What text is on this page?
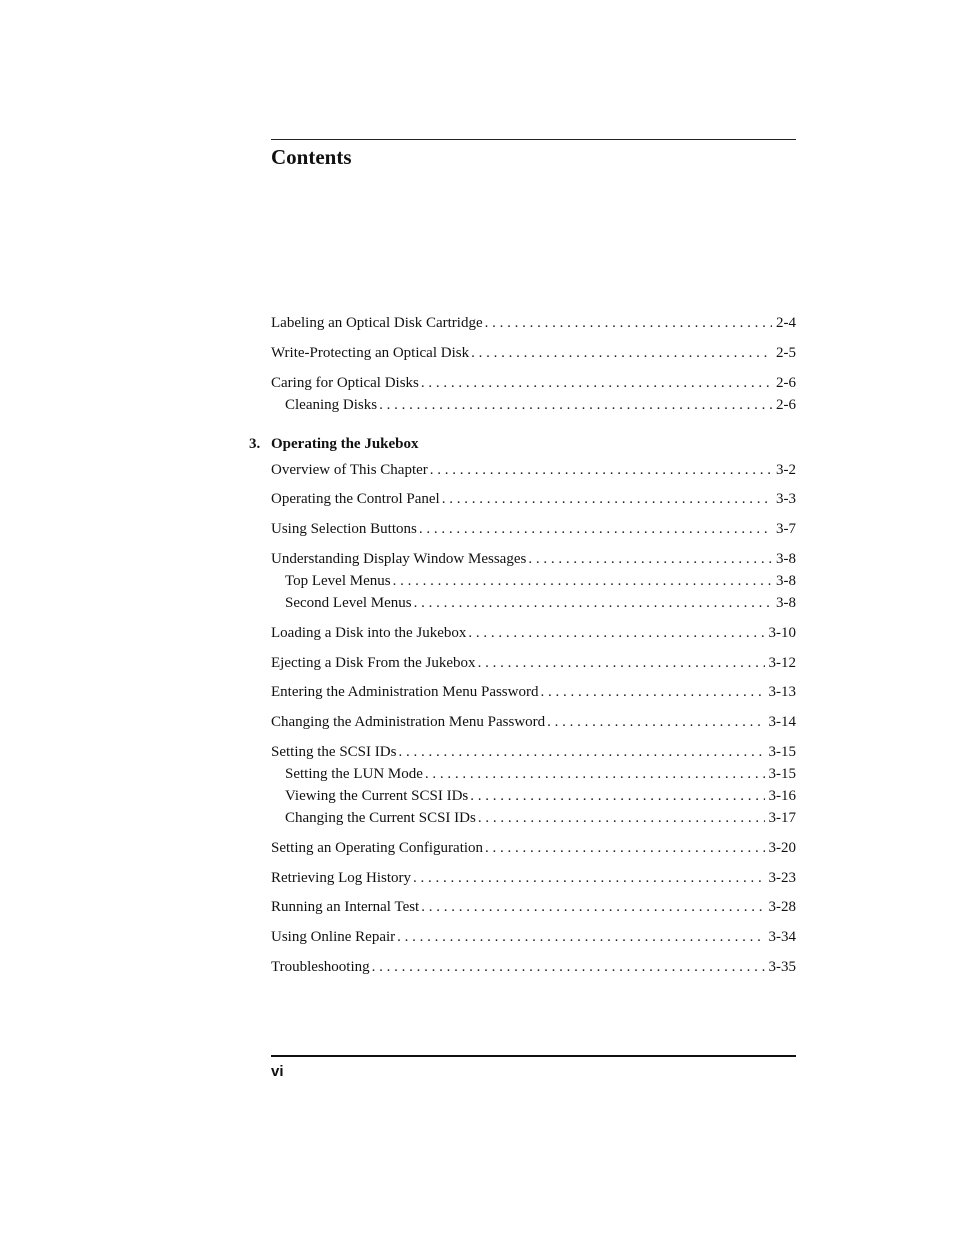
Contents
Labeling an Optical Disk Cartridge . . .	2-4
Write-Protecting an Optical Disk . . .	2-5
Caring for Optical Disks . . .	2-6
Cleaning Disks . . .	2-6
3. Operating the Jukebox
Overview of This Chapter . . .	3-2
Operating the Control Panel . . .	3-3
Using Selection Buttons . . .	3-7
Understanding Display Window Messages . . .	3-8
Top Level Menus . . .	3-8
Second Level Menus . . .	3-8
Loading a Disk into the Jukebox . . .	3-10
Ejecting a Disk From the Jukebox . . .	3-12
Entering the Administration Menu Password . . .	3-13
Changing the Administration Menu Password . . .	3-14
Setting the SCSI IDs . . .	3-15
Setting the LUN Mode . . .	3-15
Viewing the Current SCSI IDs . . .	3-16
Changing the Current SCSI IDs . . .	3-17
Setting an Operating Configuration . . .	3-20
Retrieving Log History . . .	3-23
Running an Internal Test . . .	3-28
Using Online Repair . . .	3-34
Troubleshooting . . .	3-35
vi
